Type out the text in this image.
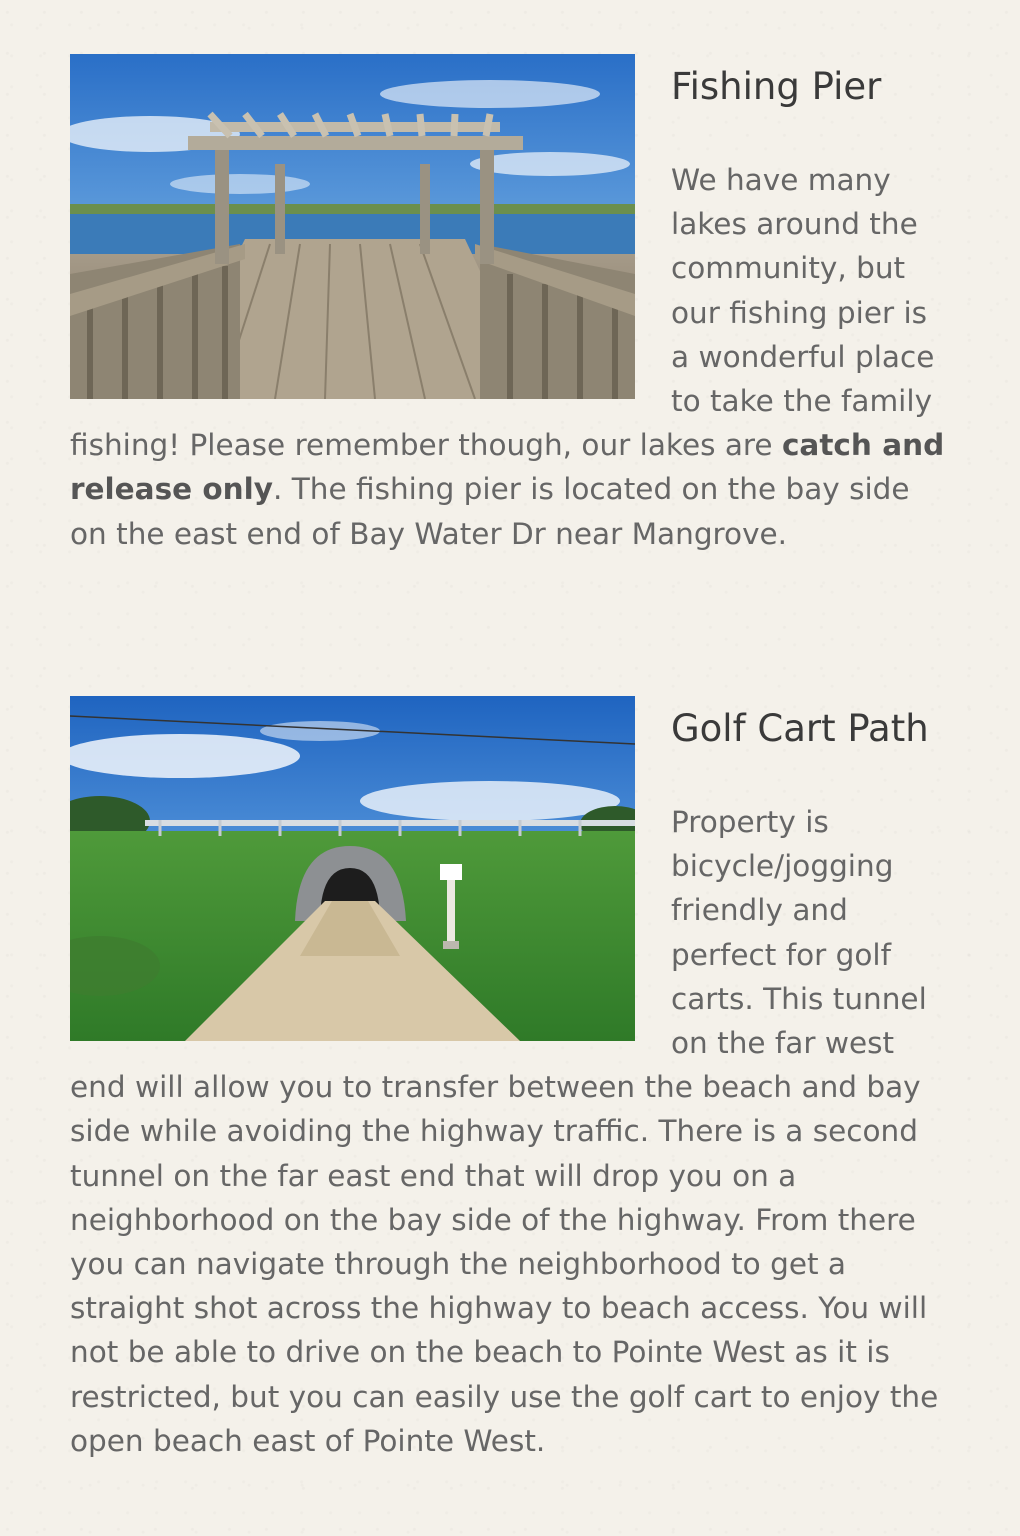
Fishing Pier

We have many lakes around the community, but our fishing pier is a wonderful place to take the family fishing! Please remember though, our lakes are catch and release only. The fishing pier is located on the bay side on the east end of Bay Water Dr near Mangrove.

Golf Cart Path

Property is bicycle/jogging friendly and perfect for golf carts. This tunnel on the far west end will allow you to transfer between the beach and bay side while avoiding the highway traffic. There is a second tunnel on the far east end that will drop you on a neighborhood on the bay side of the highway. From there you can navigate through the neighborhood to get a straight shot across the highway to beach access. You will not be able to drive on the beach to Pointe West as it is restricted, but you can easily use the golf cart to enjoy the open beach east of Pointe West.
